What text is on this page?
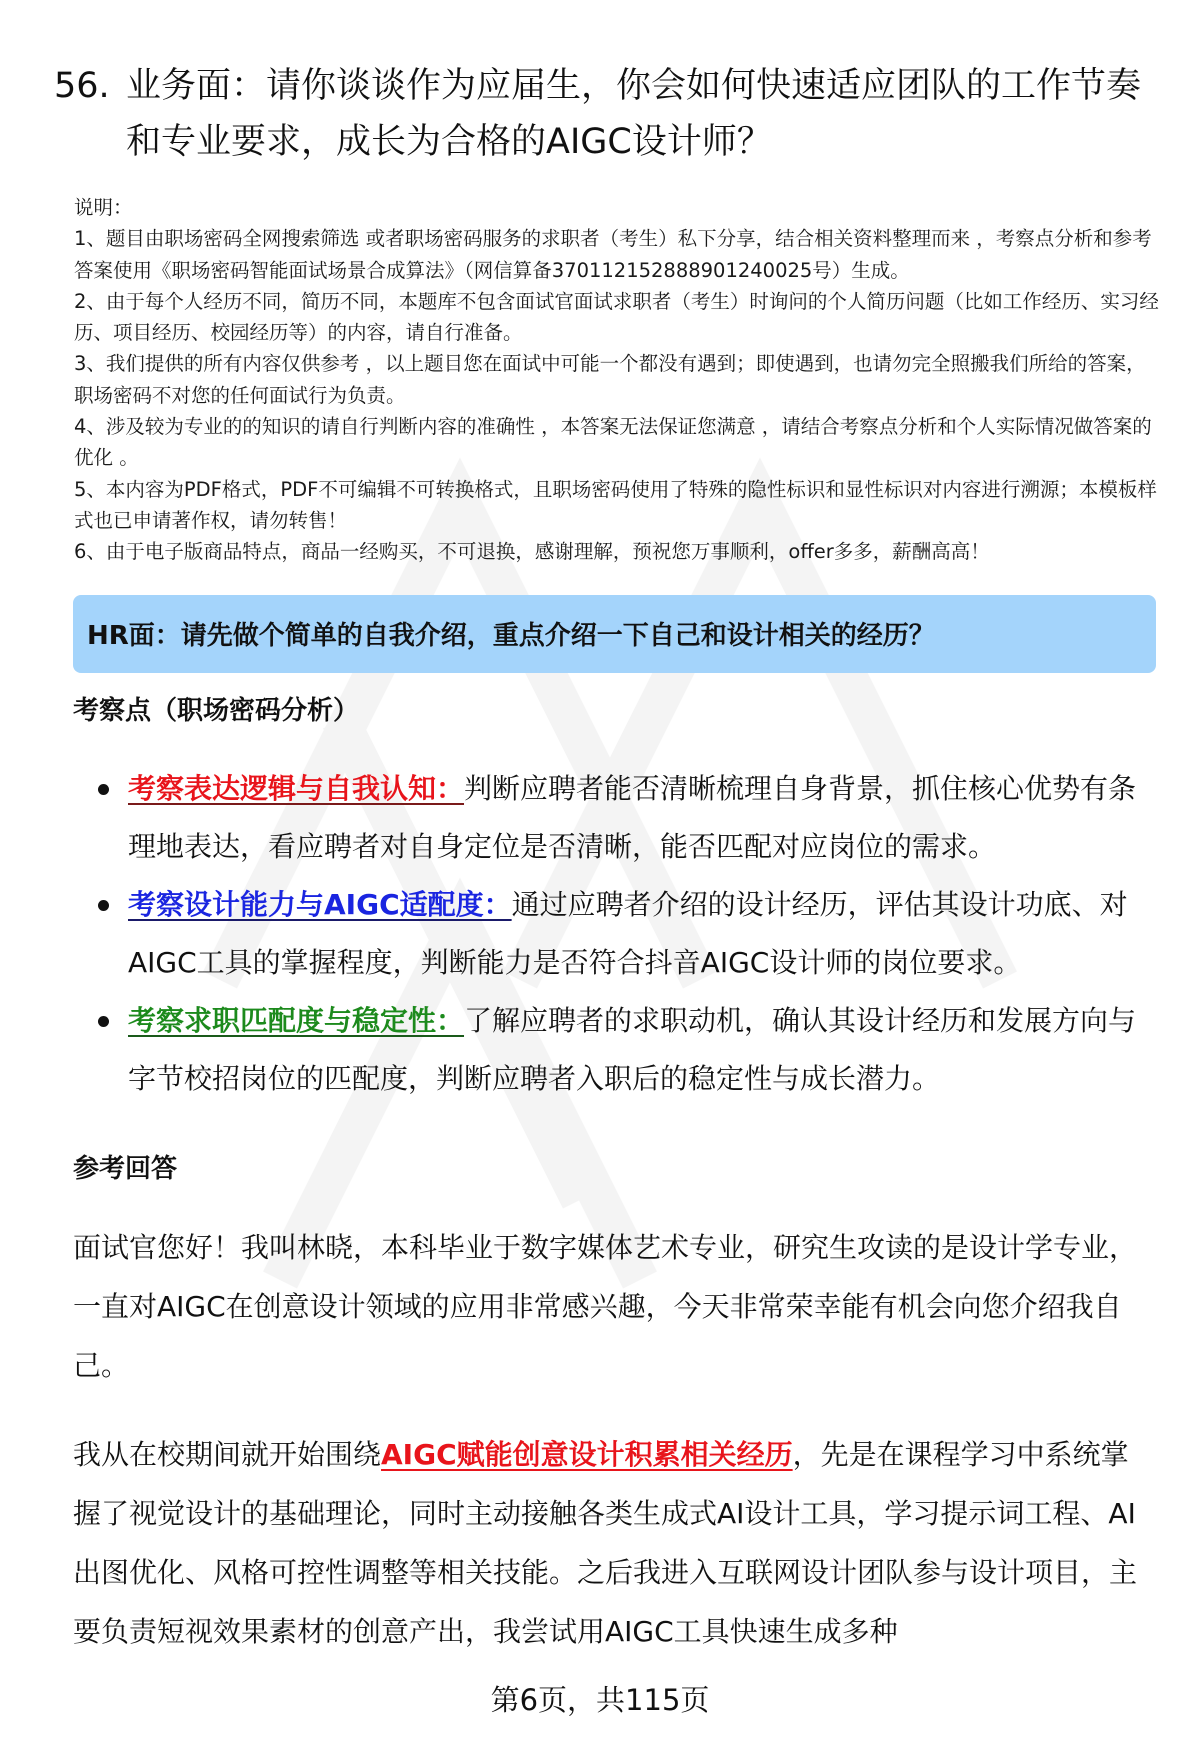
56. 业务面：请你谈谈作为应届生，你会如何快速适应团队的工作节奏和专业要求，成长为合格的AIGC设计师？

说明：

1、题目由职场密码全网搜索筛选 或者职场密码服务的求职者（考生）私下分享，结合相关资料整理而来 ，考察点分析和参考答案使用《职场密码智能面试场景合成算法》（网信算备370112152888901240025号）生成。

2、由于每个人经历不同，简历不同，本题库不包含面试官面试求职者（考生）时询问的个人简历问题（比如工作经历、实习经历、项目经历、校园经历等）的内容，请自行准备。

3、我们提供的所有内容仅供参考 ，以上题目您在面试中可能一个都没有遇到；即使遇到，也请勿完全照搬我们所给的答案，职场密码不对您的任何面试行为负责。

4、涉及较为专业的的知识的请自行判断内容的准确性 ，本答案无法保证您满意 ，请结合考察点分析和个人实际情况做答案的优化 。

5、本内容为PDF格式，PDF不可编辑不可转换格式，且职场密码使用了特殊的隐性标识和显性标识对内容进行溯源；本模板样式也已申请著作权，请勿转售！

6、由于电子版商品特点，商品一经购买，不可退换，感谢理解，预祝您万事顺利，offer多多，薪酬高高！

HR面：请先做个简单的自我介绍，重点介绍一下自己和设计相关的经历？
考察点（职场密码分析）
考察表达逻辑与自我认知：判断应聘者能否清晰梳理自身背景，抓住核心优势有条理地表达，看应聘者对自身定位是否清晰，能否匹配对应岗位的需求。
考察设计能力与AIGC适配度：通过应聘者介绍的设计经历，评估其设计功底、对AIGC工具的掌握程度，判断能力是否符合抖音AIGC设计师的岗位要求。
考察求职匹配度与稳定性：了解应聘者的求职动机，确认其设计经历和发展方向与字节校招岗位的匹配度，判断应聘者入职后的稳定性与成长潜力。
参考回答

面试官您好！我叫林晓，本科毕业于数字媒体艺术专业，研究生攻读的是设计学专业，一直对AIGC在创意设计领域的应用非常感兴趣，今天非常荣幸能有机会向您介绍我自己。

我从在校期间就开始围绕AIGC赋能创意设计积累相关经历，先是在课程学习中系统掌握了视觉设计的基础理论，同时主动接触各类生成式AI设计工具，学习提示词工程、AI出图优化、风格可控性调整等相关技能。之后我进入互联网设计团队参与设计项目，主要负责短视效果素材的创意产出，我尝试用AIGC工具快速生成多种

第6页，共115页
